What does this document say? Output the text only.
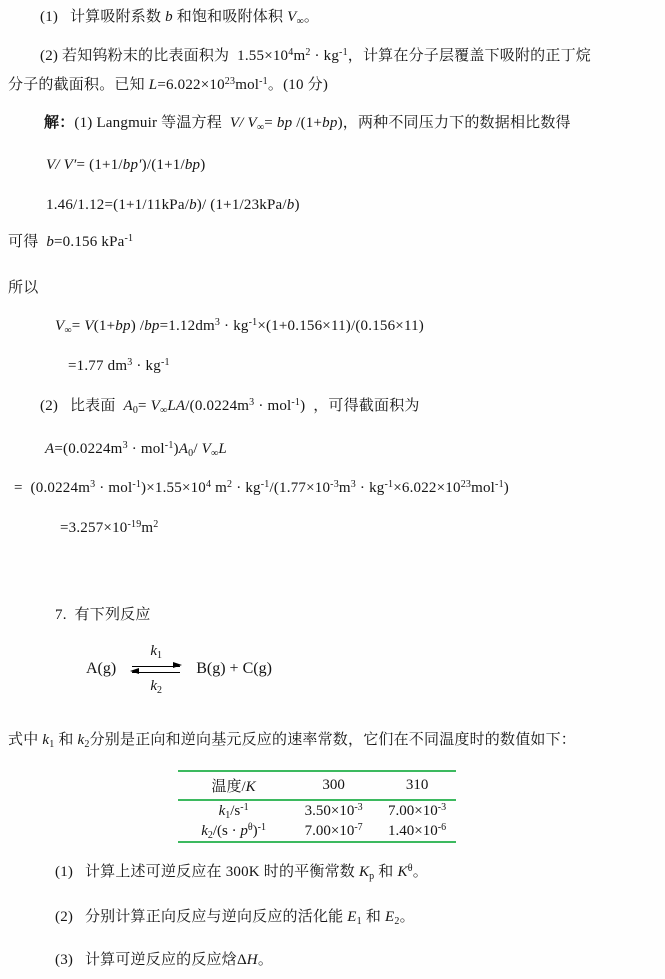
(1)   计算吸附系数 b 和饱和吸附体积 $V_\infty$。
(2) 若知钨粉末的比表面积为  $1.55\times 10^4m^2 \cdot kg^{-1}$，计算在分子层覆盖下吸附的正丁烷
分子的截面积。已知 $L=6.022\times 10^{23}mol^{-1}$。(10 分)
解：(1) Langmuir 等温方程  V/ $V_\infty=$ bp /(1+bp)，两种不同压力下的数据相比数得
V/ V′= (1+1/bp′)/(1+1/bp)
1.46/1.12=(1+1/11kPa/b)/ (1+1/23kPa/b)
可得  b=0.156 kPa$^{-1}$
所以
$V_\infty= V(1+bp) /bp=1.12dm^3 \cdot kg^{-1}\times(1+0.156\times 11)/(0.156\times 11)$
=1.77 $dm^3 \cdot kg^{-1}$
(2)   比表面  $A_0= V_\infty LA/(0.0224m^3 \cdot mol^{-1})$  ，可得截面积为
$A=(0.0224m^3 \cdot mol^{-1})A_0/$ $V_\infty L$
=  $(0.0224m^3 \cdot mol^{-1})\times 1.55\times 10^4$ $m^2 \cdot kg^{-1}/(1.77\times 10^{-3}m^3 \cdot kg^{-1}\times 6.022\times 10^{23}mol^{-1})$
$=3.257\times 10^{-19}m^2$
7.  有下列反应
A(g)
$k_1$
$k_2$
B(g) + C(g)
式中 $k_1$ 和 $k_2$分别是正向和逆向基元反应的速率常数，它们在不同温度时的数值如下：
温度/K	300	310
$k_1/s^{-1}$	$3.50\times 10^{-3}$	$7.00\times 10^{-3}$
$k_2/(s \cdot p^\theta)^{-1}$	$7.00\times 10^{-7}$	$1.40\times 10^{-6}$
(1)   计算上述可逆反应在 300K 时的平衡常数 $K_p$ 和 $K^\theta$。
(2)   分别计算正向反应与逆向反应的活化能 $E_1$ 和 $E_2$。
(3)   计算可逆反应的反应焓ΔH。
